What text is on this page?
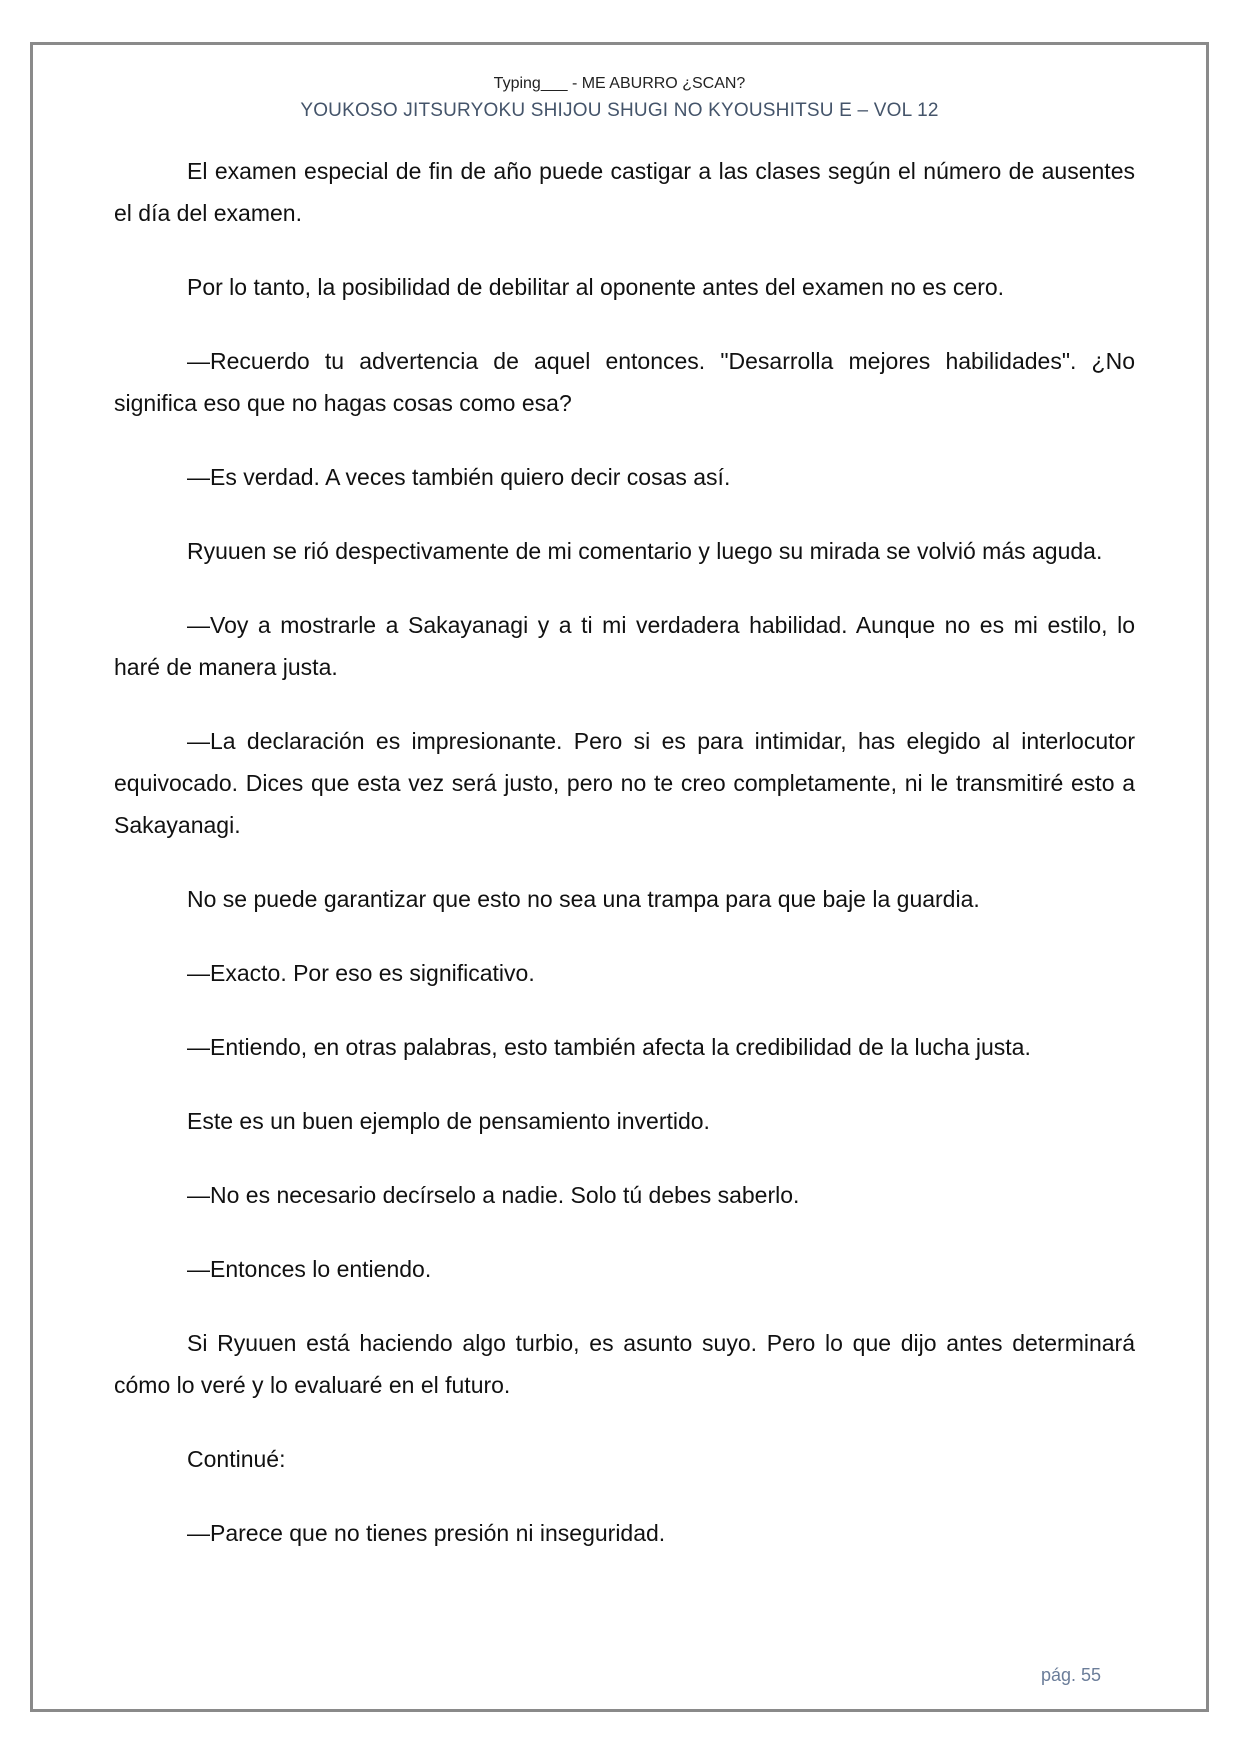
Typing___ - ME ABURRO ¿SCAN?
YOUKOSO JITSURYOKU SHIJOU SHUGI NO KYOUSHITSU E – VOL 12

El examen especial de fin de año puede castigar a las clases según el número de ausentes el día del examen.

Por lo tanto, la posibilidad de debilitar al oponente antes del examen no es cero.

—Recuerdo tu advertencia de aquel entonces. "Desarrolla mejores habilidades". ¿No significa eso que no hagas cosas como esa?

—Es verdad. A veces también quiero decir cosas así.

Ryuuen se rió despectivamente de mi comentario y luego su mirada se volvió más aguda.

—Voy a mostrarle a Sakayanagi y a ti mi verdadera habilidad. Aunque no es mi estilo, lo haré de manera justa.

—La declaración es impresionante. Pero si es para intimidar, has elegido al interlocutor equivocado. Dices que esta vez será justo, pero no te creo completamente, ni le transmitiré esto a Sakayanagi.

No se puede garantizar que esto no sea una trampa para que baje la guardia.

—Exacto. Por eso es significativo.

—Entiendo, en otras palabras, esto también afecta la credibilidad de la lucha justa.

Este es un buen ejemplo de pensamiento invertido.

—No es necesario decírselo a nadie. Solo tú debes saberlo.

—Entonces lo entiendo.

Si Ryuuen está haciendo algo turbio, es asunto suyo. Pero lo que dijo antes determinará cómo lo veré y lo evaluaré en el futuro.

Continué:

—Parece que no tienes presión ni inseguridad.

pág. 55
